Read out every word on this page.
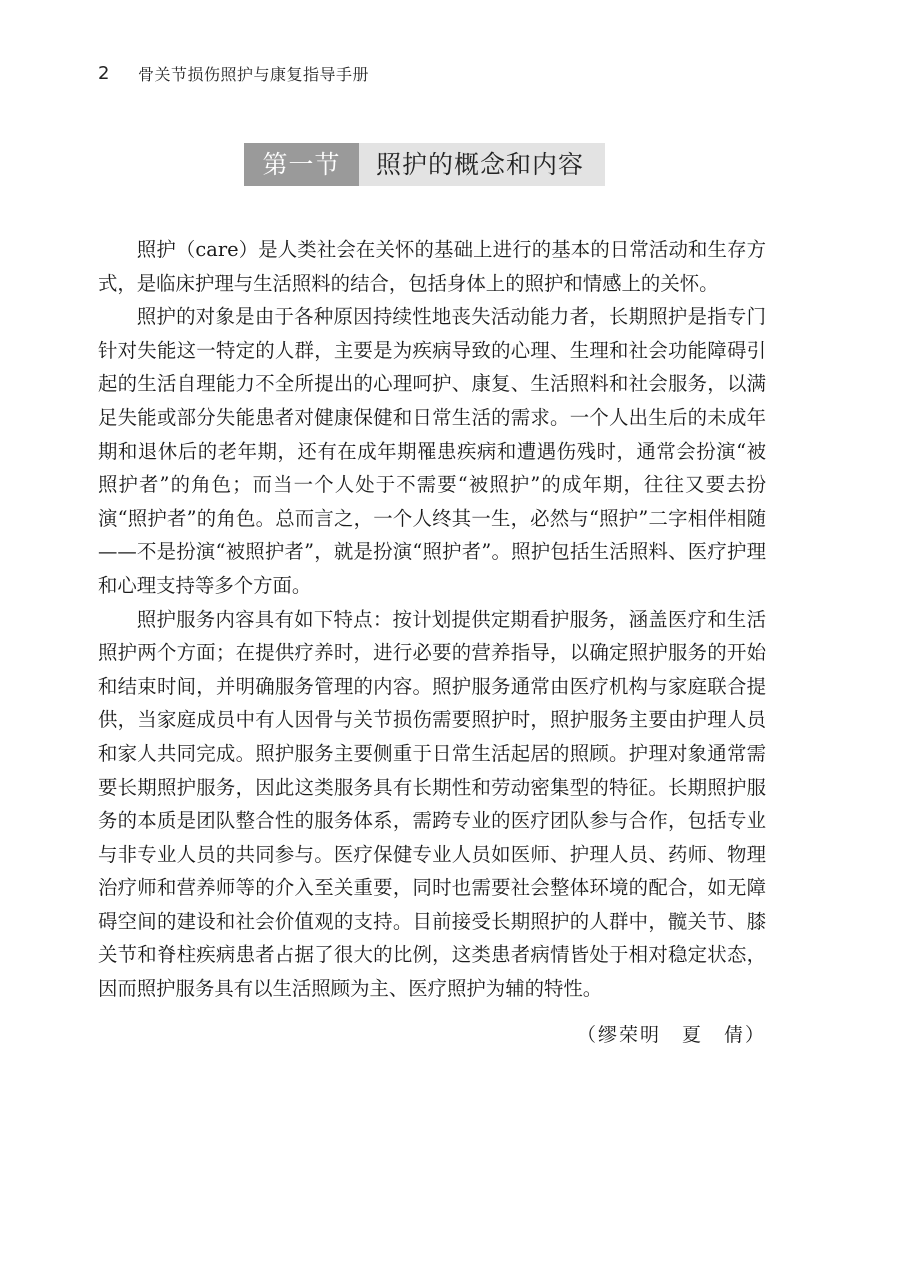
2	骨关节损伤照护与康复指导手册
第一节	照护的概念和内容

照护（care）是人类社会在关怀的基础上进行的基本的日常活动和生存方式，是临床护理与生活照料的结合，包括身体上的照护和情感上的关怀。

照护的对象是由于各种原因持续性地丧失活动能力者，长期照护是指专门针对失能这一特定的人群，主要是为疾病导致的心理、生理和社会功能障碍引起的生活自理能力不全所提出的心理呵护、康复、生活照料和社会服务，以满足失能或部分失能患者对健康保健和日常生活的需求。一个人出生后的未成年期和退休后的老年期，还有在成年期罹患疾病和遭遇伤残时，通常会扮演“被照护者”的角色；而当一个人处于不需要“被照护”的成年期，往往又要去扮演“照护者”的角色。总而言之，一个人终其一生，必然与“照护”二字相伴相随——不是扮演“被照护者”，就是扮演“照护者”。照护包括生活照料、医疗护理和心理支持等多个方面。

照护服务内容具有如下特点：按计划提供定期看护服务，涵盖医疗和生活照护两个方面；在提供疗养时，进行必要的营养指导，以确定照护服务的开始和结束时间，并明确服务管理的内容。照护服务通常由医疗机构与家庭联合提供，当家庭成员中有人因骨与关节损伤需要照护时，照护服务主要由护理人员和家人共同完成。照护服务主要侧重于日常生活起居的照顾。护理对象通常需要长期照护服务，因此这类服务具有长期性和劳动密集型的特征。长期照护服务的本质是团队整合性的服务体系，需跨专业的医疗团队参与合作，包括专业与非专业人员的共同参与。医疗保健专业人员如医师、护理人员、药师、物理治疗师和营养师等的介入至关重要，同时也需要社会整体环境的配合，如无障碍空间的建设和社会价值观的支持。目前接受长期照护的人群中，髋关节、膝关节和脊柱疾病患者占据了很大的比例，这类患者病情皆处于相对稳定状态，因而照护服务具有以生活照顾为主、医疗照护为辅的特性。

（缪荣明　夏　倩）
